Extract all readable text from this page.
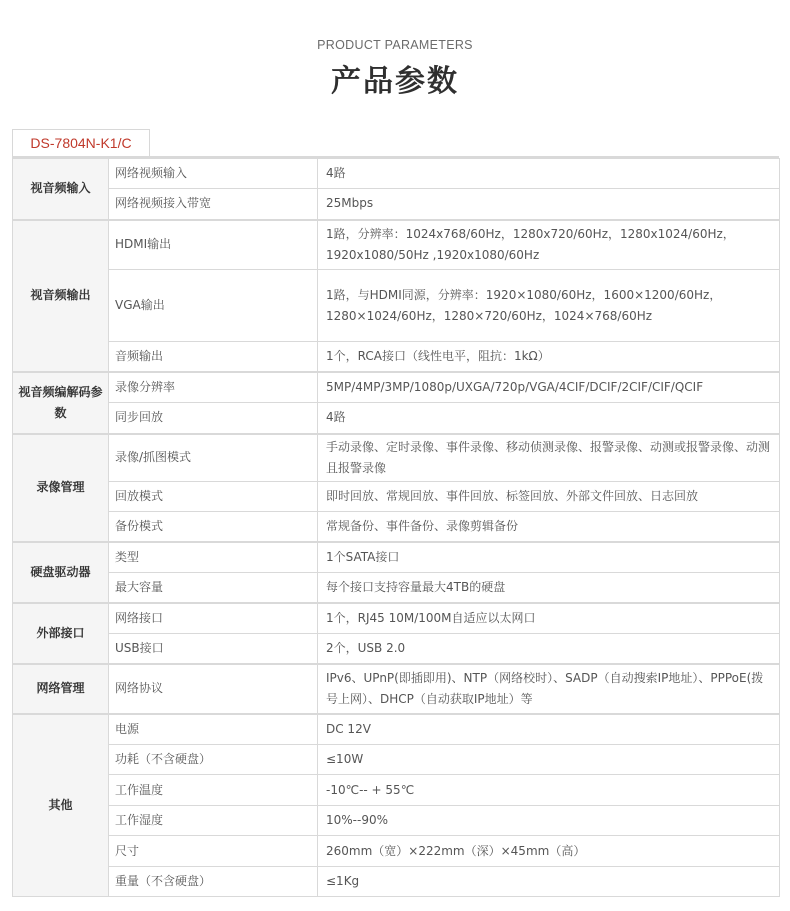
PRODUCT PARAMETERS
产品参数
DS-7804N-K1/C
视音频输入	网络视频输入	4路
	网络视频接入带宽	25Mbps
视音频输出	HDMI输出	1路，分辨率：1024x768/60Hz，1280x720/60Hz，1280x1024/60Hz，1920x1080/50Hz ,1920x1080/60Hz
	VGA输出	1路，与HDMI同源，分辨率：1920×1080/60Hz，1600×1200/60Hz，1280×1024/60Hz，1280×720/60Hz，1024×768/60Hz
	音频输出	1个，RCA接口（线性电平，阻抗：1kΩ）
视音频编解码参数	录像分辨率	5MP/4MP/3MP/1080p/UXGA/720p/VGA/4CIF/DCIF/2CIF/CIF/QCIF
	同步回放	4路
录像管理	录像/抓图模式	手动录像、定时录像、事件录像、移动侦测录像、报警录像、动测或报警录像、动测且报警录像
	回放模式	即时回放、常规回放、事件回放、标签回放、外部文件回放、日志回放
	备份模式	常规备份、事件备份、录像剪辑备份
硬盘驱动器	类型	1个SATA接口
	最大容量	每个接口支持容量最大4TB的硬盘
外部接口	网络接口	1个，RJ45 10M/100M自适应以太网口
	USB接口	2个，USB 2.0
网络管理	网络协议	IPv6、UPnP(即插即用)、NTP（网络校时）、SADP（自动搜索IP地址）、PPPoE(拨号上网）、DHCP（自动获取IP地址）等
其他	电源	DC 12V
	功耗（不含硬盘）	≤10W
	工作温度	-10℃-- + 55℃
	工作湿度	10%--90%
	尺寸	260mm（宽）×222mm（深）×45mm（高）
	重量（不含硬盘）	≤1Kg
